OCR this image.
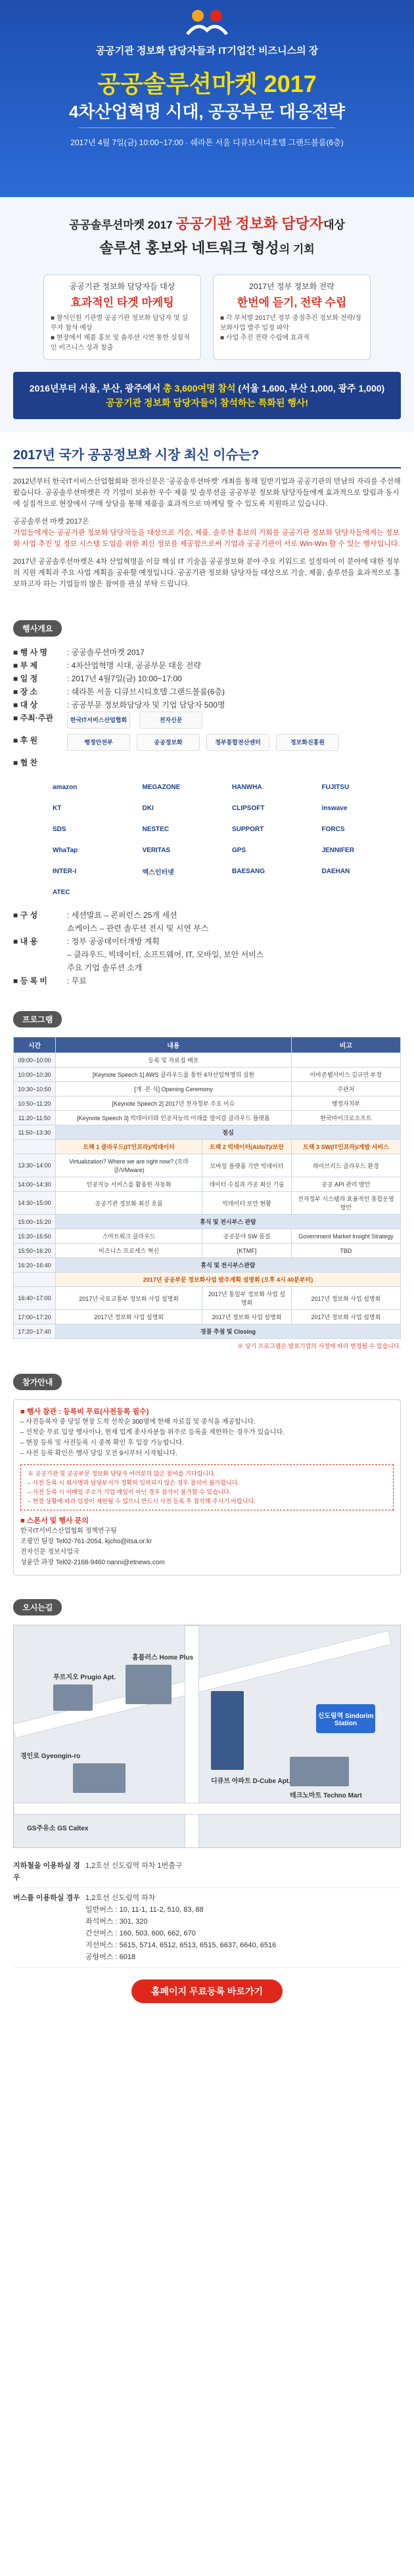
공공기관 정보화 담당자들과 IT기업간 비즈니스의 장
공공솔루션마켓 2017
4차산업혁명 시대, 공공부문 대응전략
2017년 4월 7일(금) 10:00~17:00 · 쉐라톤 서울 디큐브시티호텔 그랜드볼룸(6층)
공공솔루션마켓 2017 공공기관 정보화 담당자대상
솔루션 홍보와 네트워크 형성의 기회
공공기관 정보화 담당자들 대상
효과적인 타겟 마케팅
■ 참석인원 기관별 공공기관 정보화 담당자 및 실무자 참석 예상
■ 현장에서 제품 홍보 및 솔루션 시연 통한 실질적인 비즈니스 성과 창출
2017년 정부 정보화 전략
한번에 듣기, 전략 수립
■ 각 부처별 2017년 정부 중점추진 정보화 전략/정보화사업 발주 일정 파악
■ 사업 추진 전략 수립에 효과적
2016년부터 서울, 부산, 광주에서 총 3,600여명 참석 (서울 1,600, 부산 1,000, 광주 1,000)
공공기관 정보화 담당자들이 참석하는 특화된 행사!
2017년 국가 공공정보화 시장 최신 이슈는?
2012년부터 한국IT서비스산업협회와 전자신문은 '공공솔루션마켓' 개최를 통해 일반기업과 공공기관의 만남의 자리를 주선해 왔습니다. 공공솔루션마켓은 각 기업이 보유한 우수 제품 및 솔루션을 공공부문 정보화 담당자들에게 효과적으로 알림과 동시에 실질적으로 현장에서 구매 상담을 통해 제품을 효과적으로 마케팅 할 수 있도록 지원하고 있습니다.
공공솔루션 마켓 2017은
기업들에게는 공공기관 정보화 담당자들을 대상으로 기술, 제품, 솔루션 홍보의 기회를 공공기관 정보화 담당자들에게는 정보화 사업 추진 및 정보 시스템 도입을 위한 최신 정보를 제공함으로써 기업과 공공기관이 서로 Win-Win 할 수 있는 행사입니다.
2017년 공공솔루션마켓은 4차 산업혁명을 이끌 핵심 IT 기술을 공공정보화 분야 주요 키워드로 설정하여 이 분야에 대한 정부의 지원 계획과 주요 사업 계획을 공유할 예정입니다. 공공기관 정보화 담당자들 대상으로 기술, 제품, 솔루션을 효과적으로 홍보하고자 하는 기업들의 많은 참여를 관심 부탁 드립니다.
행사개요
■ 행 사 명	: 공공솔루션마켓 2017
■ 부 제	: 4차산업혁명 시대, 공공부문 대응 전략
■ 일 정	: 2017년 4월7일(금) 10:00~17:00
■ 장 소	: 쉐라톤 서울 디큐브시티호텔 그랜드볼룸(6층)
■ 대 상	: 공공부문 정보화담당자 및 기업 담당자 500명
■ 주최·주관	한국IT서비스산업협회	전자신문
■ 후 원	행정안전부	공공정보화	정부통합전산센터	정보화진흥원
■ 협 찬
amazon	MEGAZONE	HANWHA	FUJITSU
KT	DKI	CLIPSOFT	inswave
SDS	NESTEC	SUPPORT	FORCS
WhaTap	VERITAS	GPS	JENNIFER
INTER-I	엑스인터넷	BAESANG	DAEHAN
ATEC
■ 구 성	: 세션발표 – 콘퍼런스 25개 세션
쇼케이스 – 관련 솔루션 전시 및 시연 부스
■ 내 용	: 정부 공공데이터개방 계획
– 클라우드, 빅데이터, 소프트웨어, IT, 모바일, 보안 서비스
주요 기업 솔루션 소개
■ 등 록 비	: 무료
프로그램
시간	내용		비고
09:00~10:00	등록 및 자료집 배포		
10:00~10:30	[Keynote Speech 1] AWS 클라우드를 통한 4차산업혁명의 실현		아마존웹서비스 김규민 부장
10:30~10:50	[개 ·본 식] Opening Ceremony		주관처
10:50~11:20	[Keynote Speech 2] 2017년 전자정부 주요 이슈		행정자치부
11:20~11:50	[Keynote Speech 3] 빅데이터와 인공지능의 미래를 열어갈 클라우드 플랫폼		한국마이크로소프트
11:50~13:30	점심		
	트랙 1 클라우드(IT인프라)/빅데이터	트랙 2 빅데이터(AI/IoT)/보안	트랙 3 SW(IT인프라)/개발 서비스
13:30~14:00	Virtualization? Where we are right now? (오라클/VMware)	모바일 플랫폼 기반 빅데이터	하이브리드 클라우드 환경
14:00~14:30	인공지능 서비스를 활용한 자동화	데이터 수집과 가공 최신 기술	공공 API 관리 방안
14:30~15:00	공공기관 정보화 최신 흐름	빅데이터 보안 현황	전자정부 시스템의 효율적인 통합운영 방안
15:00~15:20	휴식 및 전시부스 관람		
15:20~15:50	스마트워크 클라우드	공공분야 SW 품질	Government Market Insight Strategy
15:50~16:20	비즈니스 프로세스 혁신	[KTMF]	TBD
16:20~16:40	휴식 및 전시부스관람		
	2017년 공공부문 정보화사업 발주계획 설명회 (오후 4시 40분부터)		
16:40~17:00	2017년 국토교통부 정보화 사업 설명회	2017년 통일부 정보화 사업 설명회	2017년 정보화 사업 설명회
17:00~17:20	2017년 정보화 사업 설명회	2017년 정보화 사업 설명회	2017년 정보화 사업 설명회
17:20~17:40	경품 추첨 및 Closing		
※ 상기 프로그램은 발표기업의 사정에 따라 변경될 수 있습니다.
참가안내
■ 행사 참관 : 등록비 무료(사전등록 필수)
– 사전등록자 중 당일 현장 도착 선착순 300명에 한해 자료집 및 중식을 제공합니다.
– 선착순 무료 입장 행사이나, 현재 업계 종사자분들 위주로 등록을 제한하는 경우가 있습니다.
– 현장 등록 및 사전등록 시 중복 확인 후 입장 가능합니다.
– 사전 등록 확인은 행사 당일 오전 9시부터 시작됩니다.
※ 공공기관 및 공공부문 정보화 담당자 여러분의 많은 참여를 기다립니다.
– 사전 등록 시 회사명과 담당부서가 정확히 입력되지 않은 경우 참석이 불가합니다.
– 사전 등록 시 이메일 주소가 기업 메일이 아닌 경우 참석이 불가할 수 있습니다.
– 현장 상황에 따라 입장이 제한될 수 있으니 반드시 사전 등록 후 참석해 주시기 바랍니다.
■ 스폰서 및 행사 문의
한국IT서비스산업협회 정책연구팀
조광민 팀장 Tel02-761-2054, kjcho@itsa.or.kr
전자신문 정보사업국
성윤만 과장 Tel02-2168-9460 nanni@etnews.com
오시는길
홈플러스 Home Plus
GS주유소 GS Caltex
디큐브 아파트 D-Cube Apt.
테크노마트 Techno Mart
푸르지오 Prugio Apt.
경인로 Gyeongin-ro
신도림역 Sindorim Station
지하철을 이용하실 경우
1,2호선 신도림역 하차 1번출구
버스를 이용하실 경우 1,2호선 신도림역 하차
일반버스 : 10, 11-1, 11-2, 510, 83, 88
좌석버스 : 301, 320
간선버스 : 160, 503, 600, 662, 670
지선버스 : 5615, 5714, 6512, 6513, 6515, 6637, 6640, 6516
공항버스 : 6018
홈페이지 무료등록 바로가기
